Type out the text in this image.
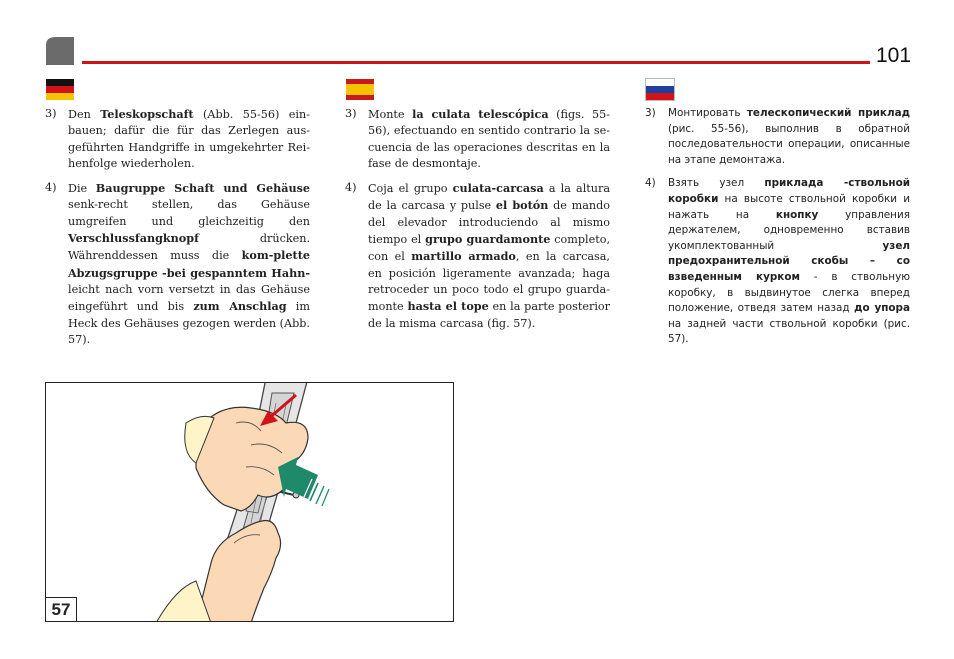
101
3) Den Teleskopschaft (Abb. 55-56) ein-bauen; dafür die für das Zerlegen aus-geführten Handgriffe in umgekehrter Rei-henfolge wiederholen.
4) Die Baugruppe Schaft und Gehäuse senk-recht stellen, das Gehäuse umgreifen und gleichzeitig den Verschlussfangknopf drücken. Währenddessen muss die kom-plette Abzugsgruppe -bei gespanntem Hahn- leicht nach vorn versetzt in das Gehäuse eingeführt und bis zum Anschlag im Heck des Gehäuses gezogen werden (Abb. 57).
3) Monte la culata telescópica (figs. 55-56), efectuando en sentido contrario la se-cuencia de las operaciones descritas en la fase de desmontaje.
4) Coja el grupo culata-carcasa a la altura de la carcasa y pulse el botón de mando del elevador introduciendo al mismo tiempo el grupo guardamonte completo, con el martillo armado, en la carcasa, en posición ligeramente avanzada; haga retroceder un poco todo el grupo guarda-monte hasta el tope en la parte posterior de la misma carcasa (fig. 57).
3) Монтировать телескопический приклад (рис. 55-56), выполнив в обратной последовательности операции, описанные на этапе демонтажа.
4) Взять узел приклада -ствольной коробки на высоте ствольной коробки и нажать на кнопку управления держателем, одновременно вставив укомплектованный узел предохранительной скобы – со взведенным курком - в ствольную коробку, в выдвинутое слегка вперед положение, отведя затем назад до упора на задней части ствольной коробки (рис. 57).
57
